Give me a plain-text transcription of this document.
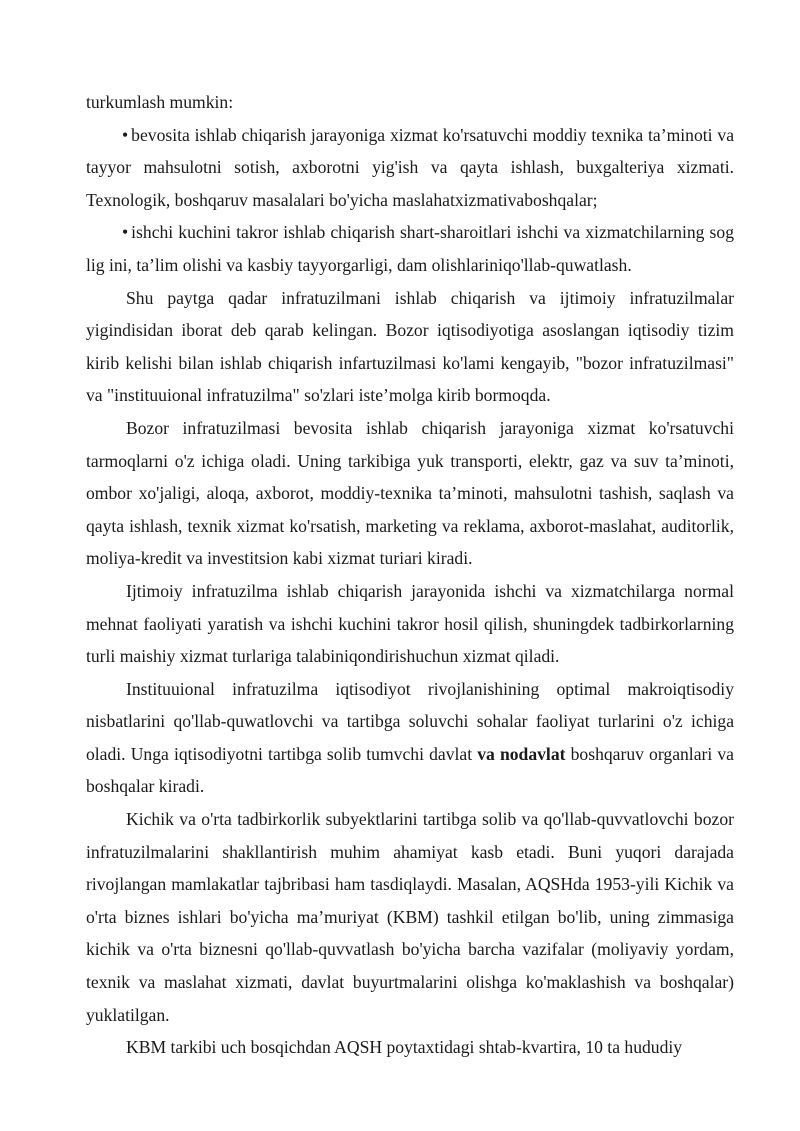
turkumlash mumkin:

• bevosita ishlab chiqarish jarayoniga xizmat ko'rsatuvchi moddiy texnika ta’minoti va tayyor mahsulotni sotish, axborotni yig'ish va qayta ishlash, buxgalteriya xizmati. Texnologik, boshqaruv masalalari bo'yicha maslahatxizmativaboshqalar;

• ishchi kuchini takror ishlab chiqarish shart-sharoitlari ishchi va xizmatchilarning sog lig ini, ta’lim olishi va kasbiy tayyorgarligi, dam olishlariniqo'llab-quwatlash.

Shu paytga qadar infratuzilmani ishlab chiqarish va ijtimoiy infratuzilmalar yigindisidan iborat deb qarab kelingan. Bozor iqtisodiyotiga asoslangan iqtisodiy tizim kirib kelishi bilan ishlab chiqarish infartuzilmasi ko'lami kengayib, "bozor infratuzilmasi" va "instituuional infratuzilma" so'zlari iste’molga kirib bormoqda.

Bozor infratuzilmasi bevosita ishlab chiqarish jarayoniga xizmat ko'rsatuvchi tarmoqlarni o'z ichiga oladi. Uning tarkibiga yuk transporti, elektr, gaz va suv ta’minoti, ombor xo'jaligi, aloqa, axborot, moddiy-texnika ta’minoti, mahsulotni tashish, saqlash va qayta ishlash, texnik xizmat ko'rsatish, marketing va reklama, axborot-maslahat, auditorlik, moliya-kredit va investitsion kabi xizmat turiari kiradi.

Ijtimoiy infratuzilma ishlab chiqarish jarayonida ishchi va xizmatchilarga normal mehnat faoliyati yaratish va ishchi kuchini takror hosil qilish, shuningdek tadbirkorlarning turli maishiy xizmat turlariga talabiniqondirishuchun xizmat qiladi.

Instituuional infratuzilma iqtisodiyot rivojlanishining optimal makroiqtisodiy nisbatlarini qo'llab-quwatlovchi va tartibga soluvchi sohalar faoliyat turlarini o'z ichiga oladi. Unga iqtisodiyotni tartibga solib tumvchi davlat va nodavlat boshqaruv organlari va boshqalar kiradi.

Kichik va o'rta tadbirkorlik subyektlarini tartibga solib va qo'llab-quvvatlovchi bozor infratuzilmalarini shakllantirish muhim ahamiyat kasb etadi. Buni yuqori darajada rivojlangan mamlakatlar tajbribasi ham tasdiqlaydi. Masalan, AQSHda 1953-yili Kichik va o'rta biznes ishlari bo'yicha ma’muriyat (KBM) tashkil etilgan bo'lib, uning zimmasiga kichik va o'rta biznesni qo'llab-quvvatlash bo'yicha barcha vazifalar (moliyaviy yordam, texnik va maslahat xizmati, davlat buyurtmalarini olishga ko'maklashish va boshqalar) yuklatilgan.

KBM tarkibi uch bosqichdan AQSH poytaxtidagi shtab-kvartira, 10 ta hududiy
